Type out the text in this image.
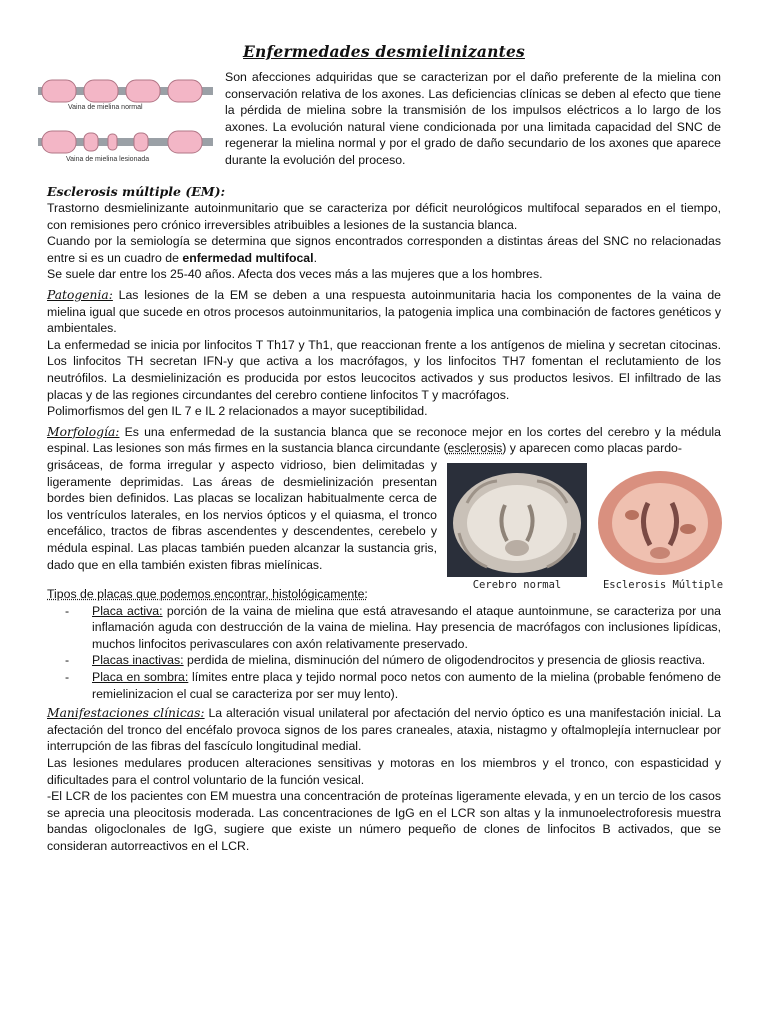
Enfermedades desmielinizantes
Vaina de mielina normal
Vaina de mielina lesionada

Son afecciones adquiridas que se caracterizan por el daño preferente de la mielina con conservación relativa de los axones. Las deficiencias clínicas se deben al efecto que tiene la pérdida de mielina sobre la transmisión de los impulsos eléctricos a lo largo de los axones. La evolución natural viene condicionada por una limitada capacidad del SNC de regenerar la mielina normal y por el grado de daño secundario de los axones que aparece durante la evolución del proceso.

Esclerosis múltiple (EM):

Trastorno desmielinizante autoinmunitario que se caracteriza por déficit neurológicos multifocal separados en el tiempo, con remisiones pero crónico irreversibles atribuibles a lesiones de la sustancia blanca.

Cuando por la semiología se determina que signos encontrados corresponden a distintas áreas del SNC no relacionadas entre si es un cuadro de enfermedad multifocal.

Se suele dar entre los 25-40 años. Afecta dos veces más a las mujeres que a los hombres.

Patogenia: Las lesiones de la EM se deben a una respuesta autoinmunitaria hacia los componentes de la vaina de mielina igual que sucede en otros procesos autoinmunitarios, la patogenia implica una combinación de factores genéticos y ambientales.

La enfermedad se inicia por linfocitos T Th17 y Th1, que reaccionan frente a los antígenos de mielina y secretan citocinas. Los linfocitos TH secretan IFN-y que activa a los macrófagos, y los linfocitos TH7 fomentan el reclutamiento de los neutrófilos. La desmielinización es producida por estos leucocitos activados y sus productos lesivos. El infiltrado de las placas y de las regiones circundantes del cerebro contiene linfocitos T y macrófagos.

Polimorfismos del gen IL 7 e IL 2 relacionados a mayor suceptibilidad.

Morfología: Es una enfermedad de la sustancia blanca que se reconoce mejor en los cortes del cerebro y la médula espinal. Las lesiones son más firmes en la sustancia blanca circundante (esclerosis) y aparecen como placas pardo-

grisáceas, de forma irregular y aspecto vidrioso, bien delimitadas y ligeramente deprimidas. Las áreas de desmielinización presentan bordes bien definidos. Las placas se localizan habitualmente cerca de los ventrículos laterales, en los nervios ópticos y el quiasma, el tronco encefálico, tractos de fibras ascendentes y descendentes, cerebelo y médula espinal. Las placas también pueden alcanzar la sustancia gris, dado que en ella también existen fibras mielínicas.

Cerebro normal	Esclerosis Múltiple

Tipos de placas que podemos encontrar, histológicamente:

- Placa activa: porción de la vaina de mielina que está atravesando el ataque auntoinmune, se caracteriza por una inflamación aguda con destrucción de la vaina de mielina. Hay presencia de macrófagos con inclusiones lipídicas, muchos linfocitos perivasculares con axón relativamente preservado.
- Placas inactivas: perdida de mielina, disminución del número de oligodendrocitos y presencia de gliosis reactiva.
- Placa en sombra: límites entre placa y tejido normal poco netos con aumento de la mielina (probable fenómeno de remielinizacion el cual se caracteriza por ser muy lento).

Manifestaciones clínicas: La alteración visual unilateral por afectación del nervio óptico es una manifestación inicial. La afectación del tronco del encéfalo provoca signos de los pares craneales, ataxia, nistagmo y oftalmoplejía internuclear por interrupción de las fibras del fascículo longitudinal medial.

Las lesiones medulares producen alteraciones sensitivas y motoras en los miembros y el tronco, con espasticidad y dificultades para el control voluntario de la función vesical.

-El LCR de los pacientes con EM muestra una concentración de proteínas ligeramente elevada, y en un tercio de los casos se aprecia una pleocitosis moderada. Las concentraciones de IgG en el LCR son altas y la inmunoelectroforesis muestra bandas oligoclonales de IgG, sugiere que existe un número pequeño de clones de linfocitos B activados, que se consideran autorreactivos en el LCR.
